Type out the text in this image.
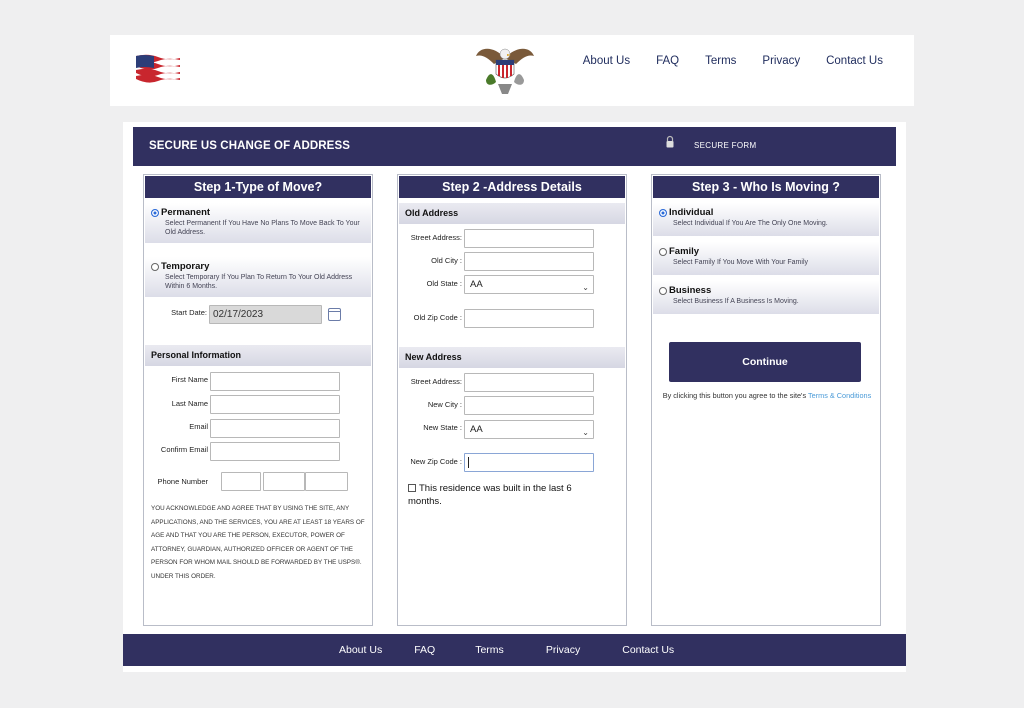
About Us FAQ Terms Privacy Contact Us
SECURE US CHANGE OF ADDRESS	SECURE FORM
Step 1-Type of Move?
Permanent
Select Permanent If You Have No Plans To Move Back To Your Old Address.
Temporary
Select Temporary If You Plan To Return To Your Old Address Within 6 Months.
Start Date: 02/17/2023
Personal Information
First Name
Last Name
Email
Confirm Email
Phone Number
YOU ACKNOWLEDGE AND AGREE THAT BY USING THE SITE, ANY APPLICATIONS, AND THE SERVICES, YOU ARE AT LEAST 18 YEARS OF AGE AND THAT YOU ARE THE PERSON, EXECUTOR, POWER OF ATTORNEY, GUARDIAN, AUTHORIZED OFFICER OR AGENT OF THE PERSON FOR WHOM MAIL SHOULD BE FORWARDED BY THE USPS®. UNDER THIS ORDER.
Step 2 -Address Details
Old Address
Street Address:
Old City :
Old State : AA	⌄
Old Zip Code :
New Address
Street Address:
New City :
New State : AA	⌄
New Zip Code :
This residence was built in the last 6 months.
Step 3 - Who Is Moving ?
Individual
Select Individual If You Are The Only One Moving.
Family
Select Family If You Move With Your Family
Business
Select Business If A Business Is Moving.
Continue
By clicking this button you agree to the site's Terms & Conditions
About Us	FAQ	Terms	Privacy	Contact Us
